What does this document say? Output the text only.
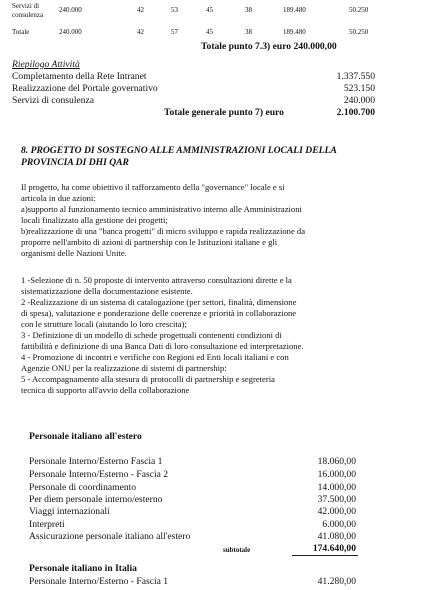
Servizi di
consulenza
240.000	42	53	45	38	189.480	50.250
Totale	240.000	42	57	45	38	189.480	50.250
Totale punto 7.3) euro 240.000,00
Riepilogo Attività
Completamento della Rete Intranet	1.337.550
Realizzazione del Portale governativo	523.150
Servizi di consulenza	240.000
Totale generale punto 7) euro	2.100.700
8. PROGETTO DI SOSTEGNO ALLE AMMINISTRAZIONI LOCALI DELLA
PROVINCIA DI DHI QAR
Il progetto, ha come obiettivo il rafforzamento della "governance" locale e si
articola in due azioni:
a)supporto al funzionamento tecnico amministrativo interno alle Amministrazioni
locali finalizzato alla gestione dei progetti;
b)realizzazione di una "banca progetti" di micro sviluppo e rapida realizzazione da
proporre nell'ambito di azioni di partnership con le Istituzioni italiane e gli
organismi delle Nazioni Unite.
1 -Selezione di n. 50 proposte di intervento attraverso consultazioni dirette e la
sistematizzazione della documentazione esistente.
2 -Realizzazione di un sistema di catalogazione (per settori, finalità, dimensione
di spesa), valutazione e ponderazione delle coerenze e priorità in collaborazione
con le strutture locali (aiutando lo loro crescita);
3 - Definizione di un modello di schede progettuali contenenti condizioni di
fattibilità e definizione di una Banca Dati di loro consultazione ed interpretazione.
4 - Promozione di incontri e verifiche con Regioni ed Enti locali italiani e con
Agenzie ONU per la realizzazione di sistemi di partnership:
5 - Accompagnamento alla stesura di protocolli di partnership e segreteria
tecnica di supporto all'avvio della collaborazione
Personale italiano all'estero
Personale Interno/Esterno Fascia 1	18.060,00
Personale Interno/Esterno - Fascia 2	16.000,00
Personale di coordinamento	14.000,00
Per diem personale interno/esterno	37.500,00
Viaggi internazionali	42.000,00
Interpreti	6.000,00
Assicurazione personale italiano all'estero	41.080,00
subtotale	174.640,00
Personale italiano in Italia
Personale Interno/Esterno - Fascia 1	41.280,00
